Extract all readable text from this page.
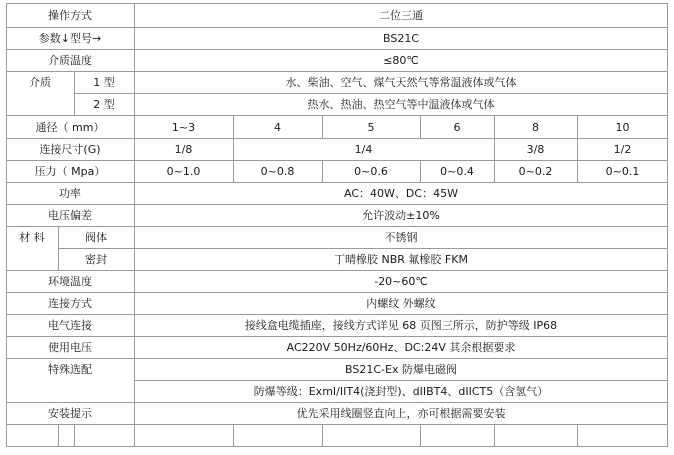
操作方式	二位三通
参数↓型号→	BS21C
介质温度	≤80℃
介质	1 型	水、柴油、空气、煤气天然气等常温液体或气体
2 型	热水、热油、热空气等中温液体或气体
通径（ mm）	1~3	4	5	6	8	10
连接尺寸(G)	1/8	1/4	3/8	1/2
压力（ Mpa）	0~1.0	0~0.8	0~0.6	0~0.4	0~0.2	0~0.1
功率	AC：40W、DC：45W
电压偏差	允许波动±10%
材 料	阀体	不锈钢
密封	丁晴橡胶 NBR 氟橡胶 FKM
环境温度	-20~60℃
连接方式	内螺纹 外螺纹
电气连接	接线盒电缆插座，接线方式详见 68 页图三所示，防护等级 IP68
使用电压	AC220V 50Hz/60Hz、DC:24V 其余根据要求
特殊选配	BS21C-Ex 防爆电磁阀
防爆等级：ExmI/IIT4(浇封型)、dIIBT4、dIICT5（含氢气）
安装提示	优先采用线圈竖直向上，亦可根据需要安装
